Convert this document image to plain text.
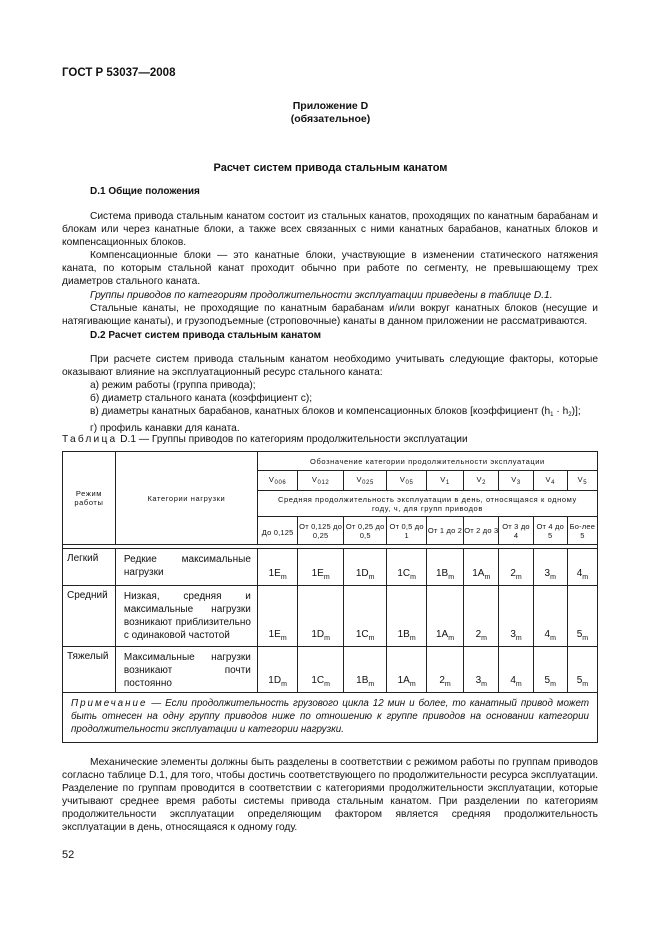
ГОСТ Р 53037—2008
Приложение D
(обязательное)
Расчет систем привода стальным канатом
D.1 Общие положения

Система привода стальным канатом состоит из стальных канатов, проходящих по канатным барабанам и блокам или через канатные блоки, а также всех связанных с ними канатных барабанов, канатных блоков и компенсационных блоков.

Компенсационные блоки — это канатные блоки, участвующие в изменении статического натяжения каната, по которым стальной канат проходит обычно при работе по сегменту, не превышающему трех диаметров стального каната.

Группы приводов по категориям продолжительности эксплуатации приведены в таблице D.1.

Стальные канаты, не проходящие по канатным барабанам и/или вокруг канатных блоков (несущие и натягивающие канаты), и грузоподъемные (строповочные) канаты в данном приложении не рассматриваются.

D.2 Расчет систем привода стальным канатом

При расчете систем привода стальным канатом необходимо учитывать следующие факторы, которые оказывают влияние на эксплуатационный ресурс стального каната:

а) режим работы (группа привода);
б) диаметр стального каната (коэффициент c);
в) диаметры канатных барабанов, канатных блоков и компенсационных блоков [коэффициент $(h_1 \cdot h_2)$];
г) профиль канавки для каната.
Таблица D.1 — Группы приводов по категориям продолжительности эксплуатации
Режим работы	Категории нагрузки	Обозначение категории продолжительности эксплуатации								
		$V_{006}$	$V_{012}$	$V_{025}$	$V_{05}$	$V_1$	$V_2$	$V_3$	$V_4$	$V_5$
		Средняя продолжительность эксплуатации в день, относящаяся к одному году, ч, для групп приводов								
		До 0,125	От 0,125 до 0,25	От 0,25 до 0,5	От 0,5 до 1	От 1 до 2	От 2 до 3	От 3 до 4	От 4 до 5	Бо-лее 5

Легкий	Редкие максимальные нагрузки	$1E_m$	$1E_m$	$1D_m$	$1C_m$	$1B_m$	$1A_m$	$2_m$	$3_m$	$4_m$
Средний	Низкая, средняя и максимальные нагрузки возникают приблизительно с одинаковой частотой	$1E_m$	$1D_m$	$1C_m$	$1B_m$	$1A_m$	$2_m$	$3_m$	$4_m$	$5_m$
Тяжелый	Максимальные нагрузки возникают почти постоянно	$1D_m$	$1C_m$	$1B_m$	$1A_m$	$2_m$	$3_m$	$4_m$	$5_m$	$5_m$
Примечание — Если продолжительность грузового цикла 12 мин и более, то канатный привод может быть отнесен на одну группу приводов ниже по отношению к группе приводов на основании категории продолжительности эксплуатации и категории нагрузки.										

Механические элементы должны быть разделены в соответствии с режимом работы по группам приводов согласно таблице D.1, для того, чтобы достичь соответствующего по продолжительности ресурса эксплуатации. Разделение по группам проводится в соответствии с категориями продолжительности эксплуатации, которые учитывают среднее время работы системы привода стальным канатом. При разделении по категориям продолжительности эксплуатации определяющим фактором является средняя продолжительность эксплуатации в день, относящаяся к одному году.

52
